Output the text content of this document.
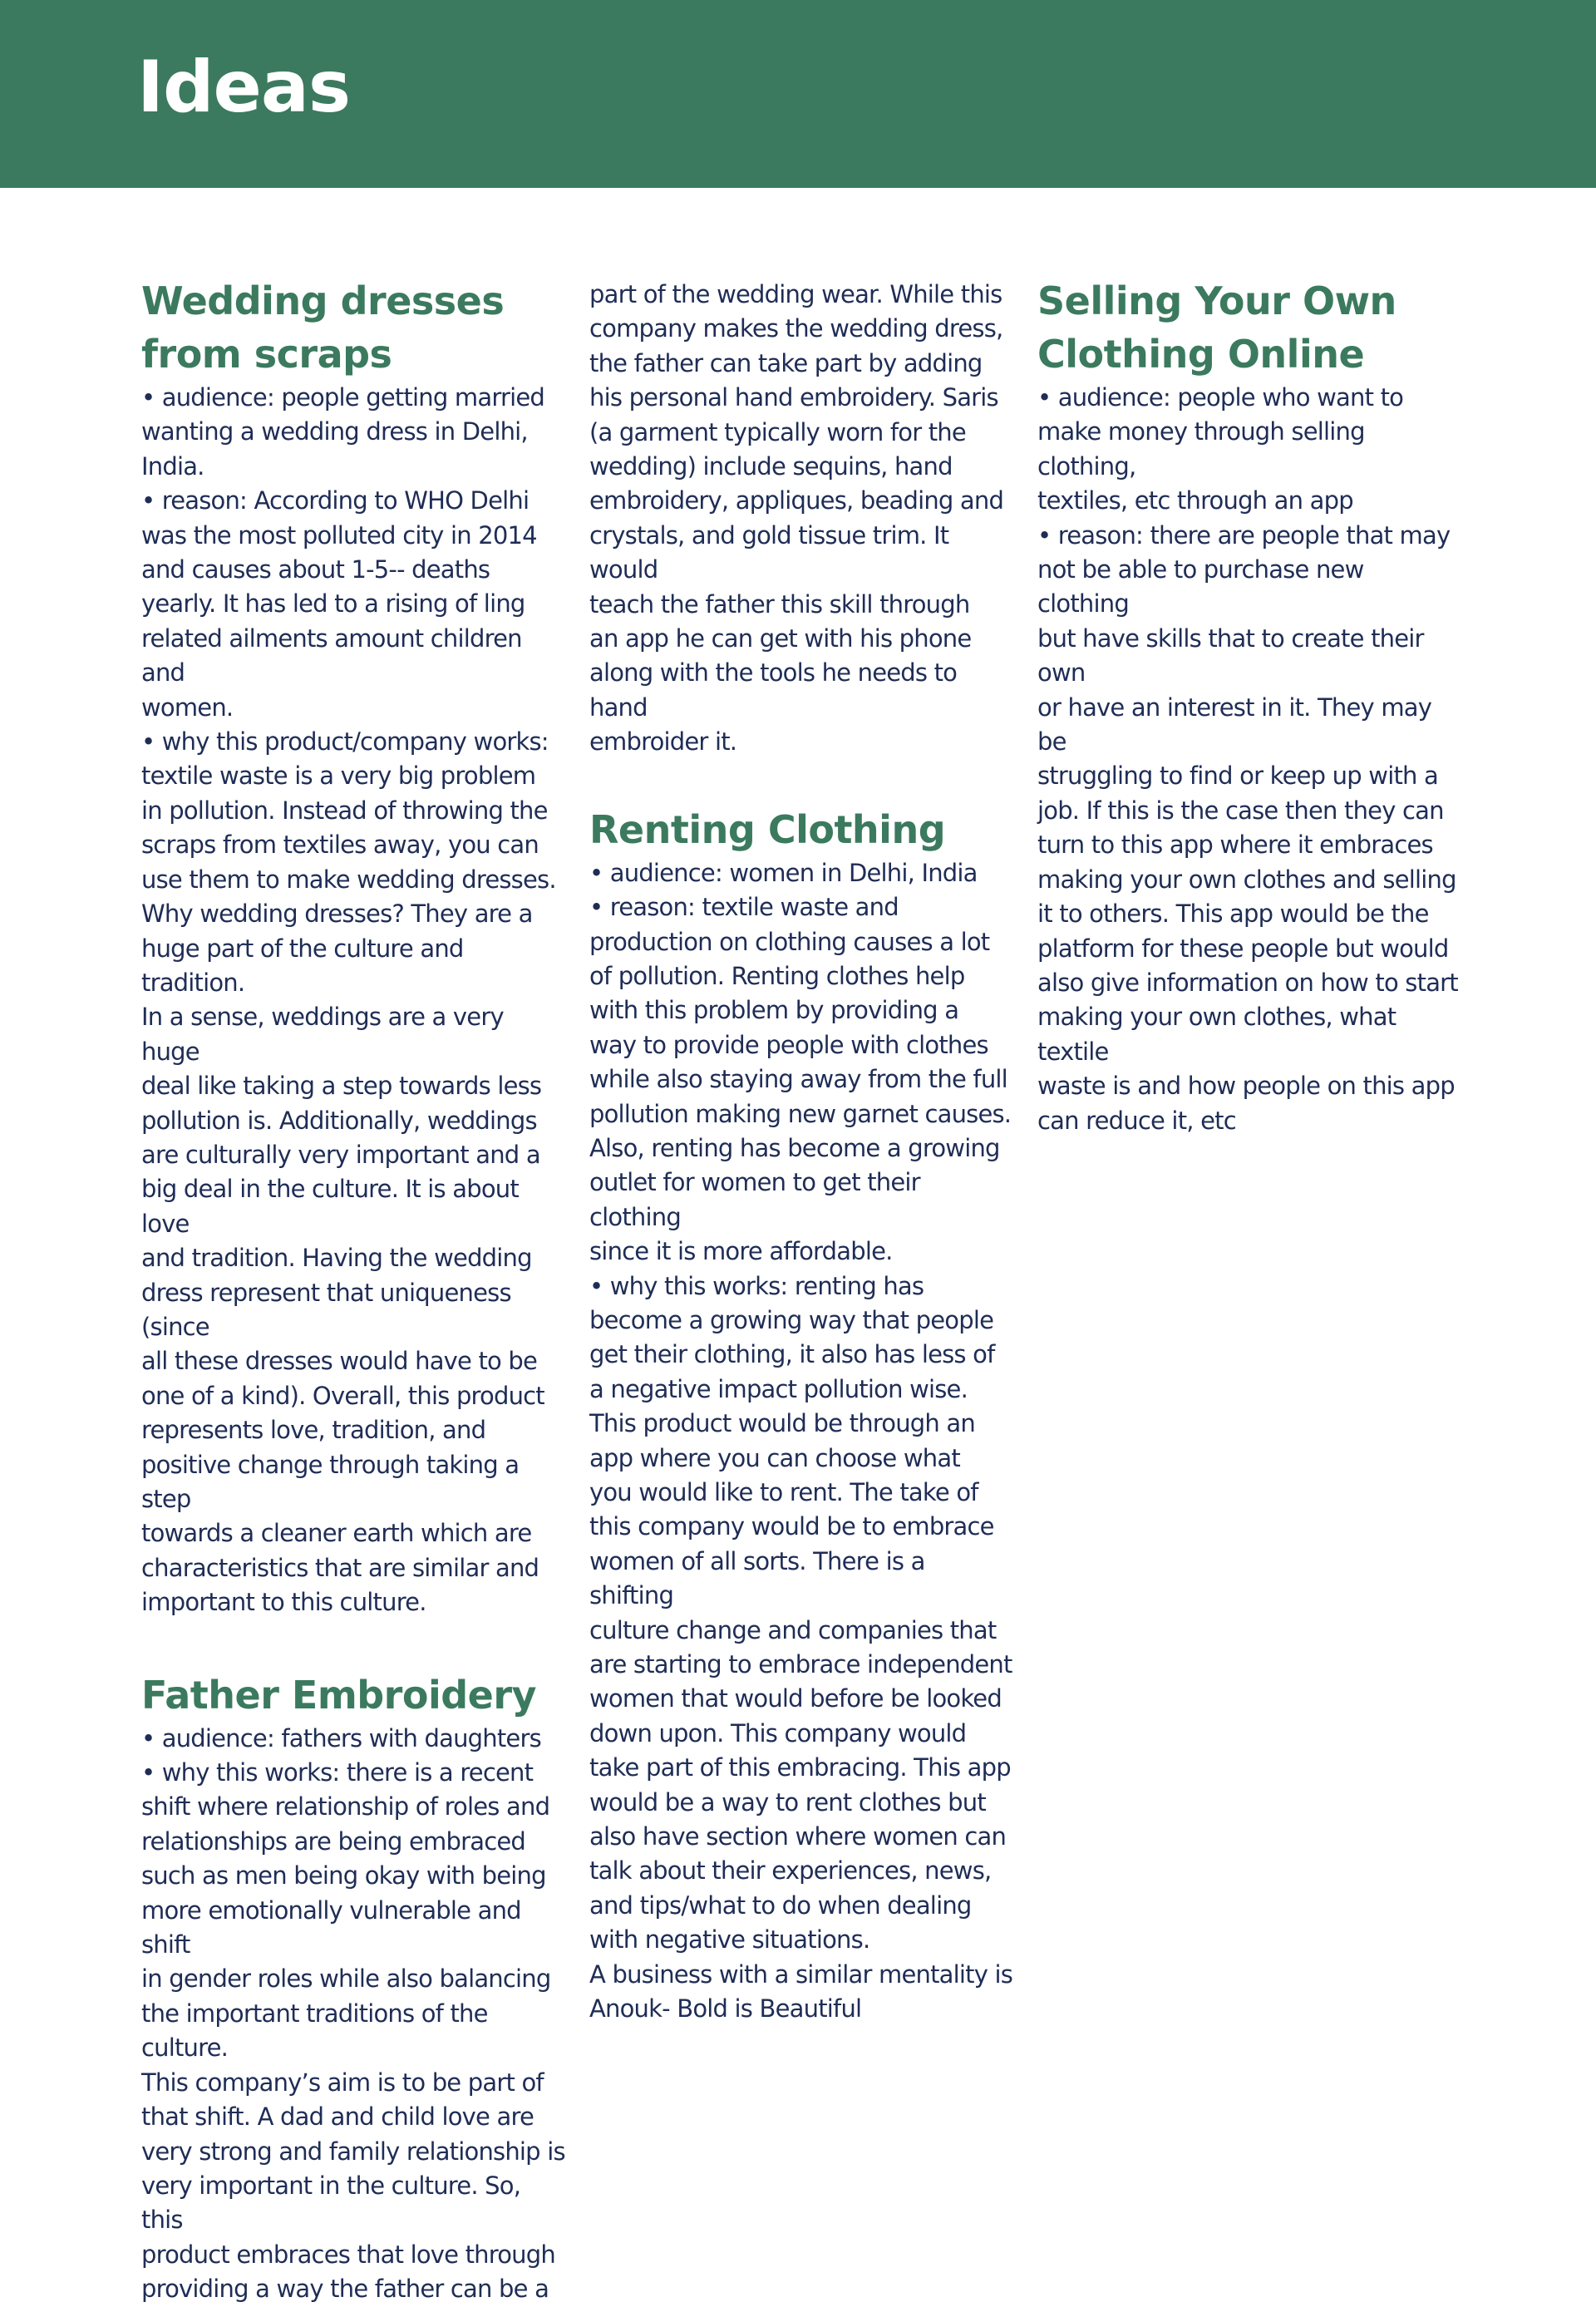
Ideas
Wedding dresses
from scraps

• audience: people getting married
wanting a wedding dress in Delhi,
India.
• reason: According to WHO Delhi
was the most polluted city in 2014
and causes about 1-5-- deaths
yearly. It has led to a rising of ling
related ailments amount children and
women.
• why this product/company works:
textile waste is a very big problem
in pollution. Instead of throwing the
scraps from textiles away, you can
use them to make wedding dresses.
Why wedding dresses? They are a
huge part of the culture and tradition.
In a sense, weddings are a very huge
deal like taking a step towards less
pollution is. Additionally, weddings
are culturally very important and a
big deal in the culture. It is about love
and tradition. Having the wedding
dress represent that uniqueness (since
all these dresses would have to be
one of a kind). Overall, this product
represents love, tradition, and
positive change through taking a step
towards a cleaner earth which are
characteristics that are similar and
important to this culture.

Father Embroidery

• audience: fathers with daughters
• why this works: there is a recent
shift where relationship of roles and
relationships are being embraced
such as men being okay with being
more emotionally vulnerable and shift
in gender roles while also balancing
the important traditions of the culture.
This company’s aim is to be part of
that shift. A dad and child love are
very strong and family relationship is
very important in the culture. So, this
product embraces that love through
providing a way the father can be a

part of the wedding wear. While this
company makes the wedding dress,
the father can take part by adding
his personal hand embroidery. Saris
(a garment typically worn for the
wedding) include sequins, hand
embroidery, appliques, beading and
crystals, and gold tissue trim. It would
teach the father this skill through
an app he can get with his phone
along with the tools he needs to hand
embroider it.

Renting Clothing

• audience: women in Delhi, India
• reason: textile waste and
production on clothing causes a lot
of pollution. Renting clothes help
with this problem by providing a
way to provide people with clothes
while also staying away from the full
pollution making new garnet causes.
Also, renting has become a growing
outlet for women to get their clothing
since it is more affordable.
• why this works: renting has
become a growing way that people
get their clothing, it also has less of
a negative impact pollution wise.
This product would be through an
app where you can choose what
you would like to rent. The take of
this company would be to embrace
women of all sorts. There is a shifting
culture change and companies that
are starting to embrace independent
women that would before be looked
down upon. This company would
take part of this embracing. This app
would be a way to rent clothes but
also have section where women can
talk about their experiences, news,
and tips/what to do when dealing
with negative situations.
A business with a similar mentality is
Anouk- Bold is Beautiful

Selling Your Own
Clothing Online

• audience: people who want to
make money through selling clothing,
textiles, etc through an app
• reason: there are people that may
not be able to purchase new clothing
but have skills that to create their own
or have an interest in it. They may be
struggling to find or keep up with a
job. If this is the case then they can
turn to this app where it embraces
making your own clothes and selling
it to others. This app would be the
platform for these people but would
also give information on how to start
making your own clothes, what textile
waste is and how people on this app
can reduce it, etc
